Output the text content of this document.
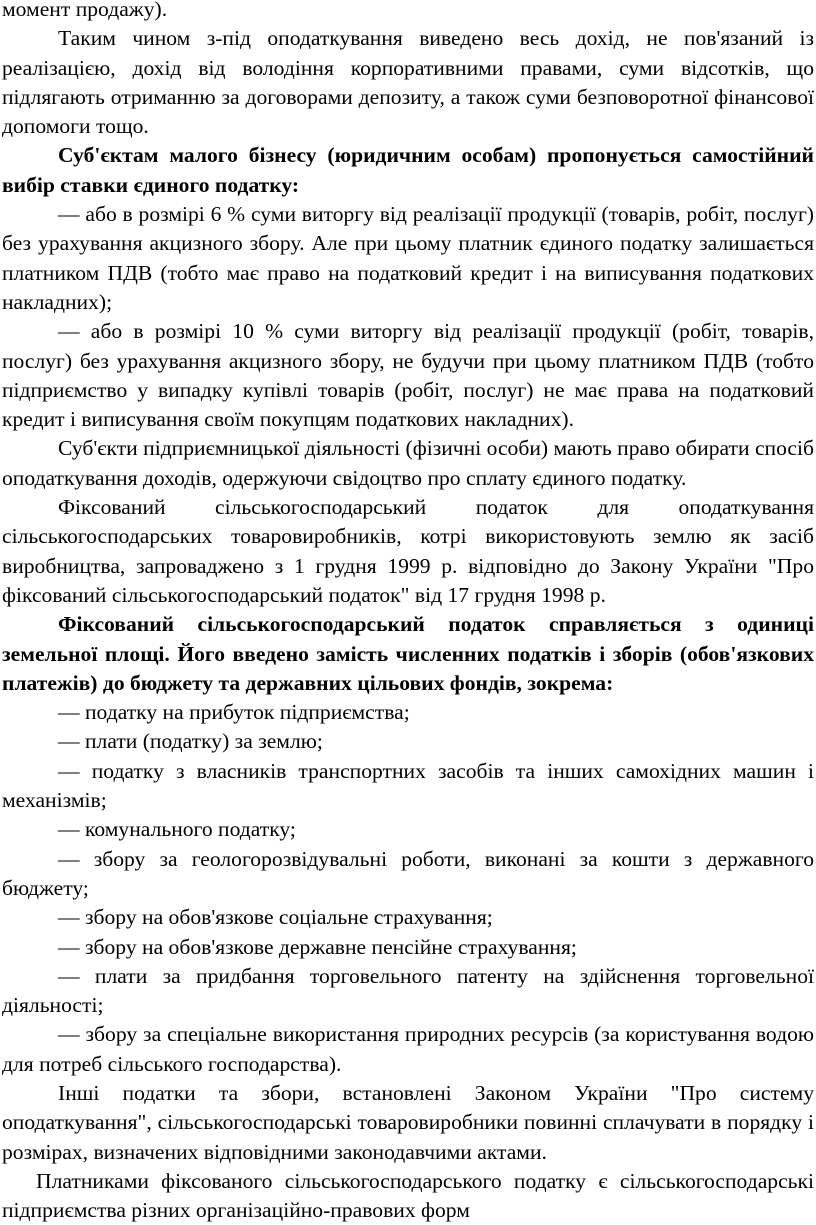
момент продажу).

Таким чином з-під оподаткування виведено весь дохід, не пов'язаний із реалізацією, дохід від володіння корпоративними правами, суми відсотків, що підлягають отриманню за договорами депозиту, а також суми безповоротної фінансової допомоги тощо.

Суб'єктам малого бізнесу (юридичним особам) пропонується самостійний вибір ставки єдиного податку:

— або в розмірі 6 % суми виторгу від реалізації продукції (товарів, робіт, послуг) без урахування акцизного збору. Але при цьому платник єдиного податку залишається платником ПДВ (тобто має право на податковий кредит і на виписування податкових накладних);

— або в розмірі 10 % суми виторгу від реалізації продукції (робіт, товарів, послуг) без урахування акцизного збору, не будучи при цьому платником ПДВ (тобто підприємство у випадку купівлі товарів (робіт, послуг) не має права на податковий кредит і виписування своїм покупцям податкових накладних).

Суб'єкти підприємницької діяльності (фізичні особи) мають право обирати спосіб оподаткування доходів, одержуючи свідоцтво про сплату єдиного податку.

Фіксований сільськогосподарський податок для оподаткування сільськогосподарських товаровиробників, котрі використовують землю як засіб виробництва, запроваджено з 1 грудня 1999 р. відповідно до Закону України "Про фіксований сільськогосподарський податок" від 17 грудня 1998 р.

Фіксований сільськогосподарський податок справляється з одиниці земельної площі. Його введено замість численних податків і зборів (обов'язкових платежів) до бюджету та державних цільових фондів, зокрема:

— податку на прибуток підприємства;

— плати (податку) за землю;

— податку з власників транспортних засобів та інших самохідних машин і механізмів;

— комунального податку;

— збору за геологорозвідувальні роботи, виконані за кошти з державного бюджету;

— збору на обов'язкове соціальне страхування;

— збору на обов'язкове державне пенсійне страхування;

— плати за придбання торговельного патенту на здійснення торговельної діяльності;

— збору за спеціальне використання природних ресурсів (за користування водою для потреб сільського господарства).

Інші податки та збори, встановлені Законом України "Про систему оподаткування", сільськогосподарські товаровиробники повинні сплачувати в порядку і розмірах, визначених відповідними законодавчими актами.

Платниками фіксованого сільськогосподарського податку є сільськогосподарські підприємства різних організаційно-правових форм
